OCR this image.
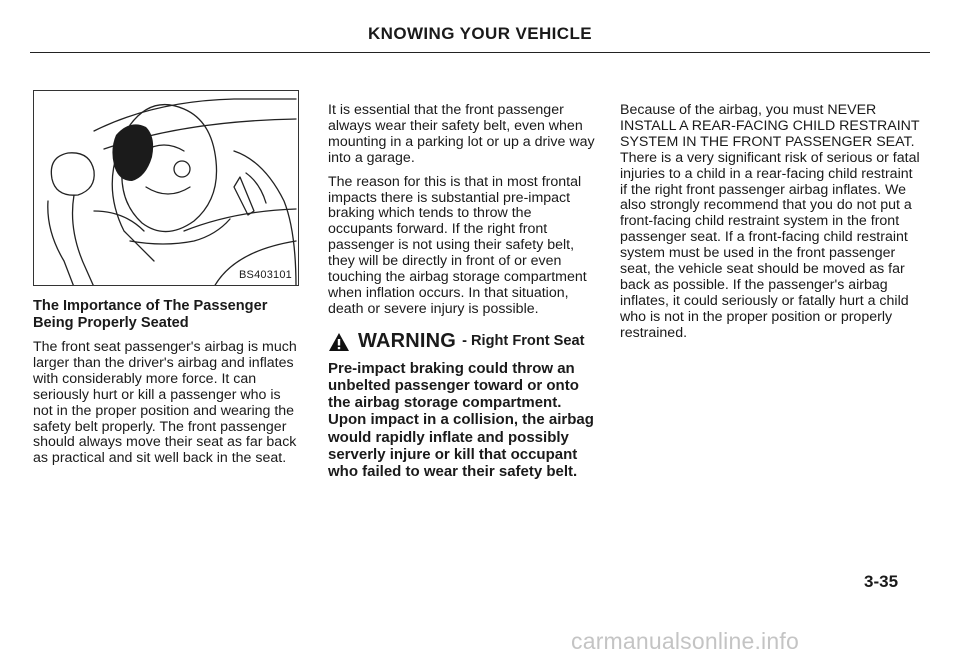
KNOWING YOUR VEHICLE
BS403101

The Importance of The Passenger Being Properly Seated

The front seat passenger's airbag is much larger than the driver's airbag and inflates with considerably more force. It can seriously hurt or kill a passenger who is not in the proper position and wearing the safety belt properly. The front passenger should always move their seat as far back as practical and sit well back in the seat.

It is essential that the front passenger always wear their safety belt, even when mounting in a parking lot or up a drive way into a garage.

The reason for this is that in most frontal impacts there is substantial pre-impact braking which tends to throw the occupants forward. If the right front passenger is not using their safety belt, they will be directly in front of or even touching the airbag storage compartment when inflation occurs. In that situation, death or severe injury is possible.

WARNING - Right Front Seat

Pre-impact braking could throw an unbelted passenger toward or onto the airbag storage compartment. Upon impact in a collision, the airbag would rapidly inflate and possibly serverly injure or kill that occupant who failed to wear their safety belt.

Because of the airbag, you must NEVER INSTALL A REAR-FACING CHILD RESTRAINT SYSTEM IN THE FRONT PASSENGER SEAT. There is a very significant risk of serious or fatal injuries to a child in a rear-facing child restraint if the right front passenger airbag inflates. We also strongly recommend that you do not put a front-facing child restraint system in the front passenger seat. If a front-facing child restraint system must be used in the front passenger seat, the vehicle seat should be moved as far back as possible. If the passenger's airbag inflates, it could seriously or fatally hurt a child who is not in the proper position or properly restrained.

3-35
carmanualsonline.info
